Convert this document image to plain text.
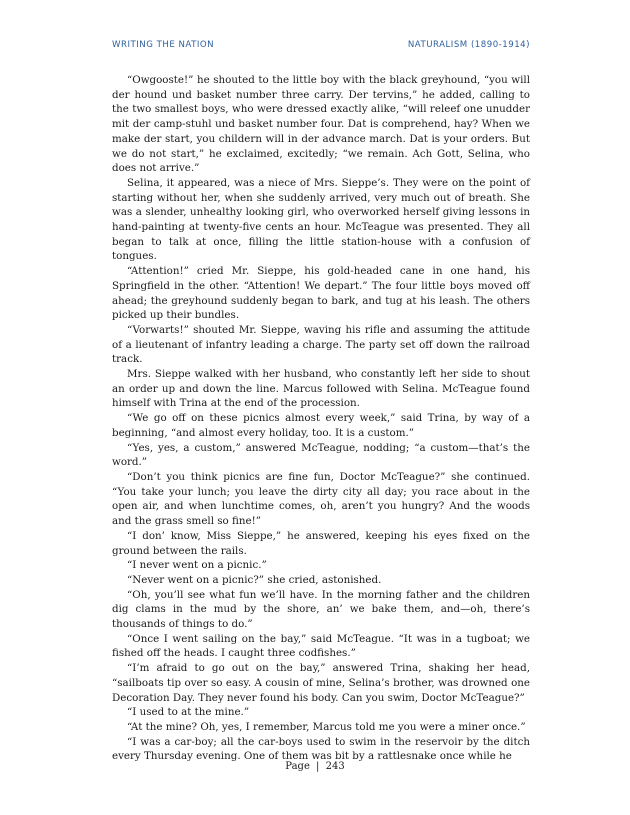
WRITING THE NATION	NATURALISM (1890-1914)

“Owgooste!” he shouted to the little boy with the black greyhound, “you will der hound und basket number three carry. Der tervins,” he added, calling to the two smallest boys, who were dressed exactly alike, “will releef one unudder mit der camp-stuhl und basket number four. Dat is comprehend, hay? When we make der start, you childern will in der advance march. Dat is your orders. But we do not start,” he exclaimed, excitedly; “we remain. Ach Gott, Selina, who does not arrive.”

Selina, it appeared, was a niece of Mrs. Sieppe’s. They were on the point of starting without her, when she suddenly arrived, very much out of breath. She was a slender, unhealthy looking girl, who overworked herself giving lessons in hand-painting at twenty-five cents an hour. McTeague was presented. They all began to talk at once, filling the little station-house with a confusion of tongues.

“Attention!” cried Mr. Sieppe, his gold-headed cane in one hand, his Springfield in the other. “Attention! We depart.” The four little boys moved off ahead; the greyhound suddenly began to bark, and tug at his leash. The others picked up their bundles.

“Vorwarts!” shouted Mr. Sieppe, waving his rifle and assuming the attitude of a lieutenant of infantry leading a charge. The party set off down the railroad track.

Mrs. Sieppe walked with her husband, who constantly left her side to shout an order up and down the line. Marcus followed with Selina. McTeague found himself with Trina at the end of the procession.

“We go off on these picnics almost every week,” said Trina, by way of a beginning, “and almost every holiday, too. It is a custom.”

“Yes, yes, a custom,” answered McTeague, nodding; “a custom—that’s the word.”

“Don’t you think picnics are fine fun, Doctor McTeague?” she continued. “You take your lunch; you leave the dirty city all day; you race about in the open air, and when lunchtime comes, oh, aren’t you hungry? And the woods and the grass smell so fine!”

“I don’ know, Miss Sieppe,” he answered, keeping his eyes fixed on the ground between the rails.

“I never went on a picnic.”

“Never went on a picnic?” she cried, astonished.

“Oh, you’ll see what fun we’ll have. In the morning father and the children dig clams in the mud by the shore, an’ we bake them, and—oh, there’s thousands of things to do.”

“Once I went sailing on the bay,” said McTeague. “It was in a tugboat; we fished off the heads. I caught three codfishes.”

“I’m afraid to go out on the bay,” answered Trina, shaking her head, “sailboats tip over so easy. A cousin of mine, Selina’s brother, was drowned one Decoration Day. They never found his body. Can you swim, Doctor McTeague?”

“I used to at the mine.”

“At the mine? Oh, yes, I remember, Marcus told me you were a miner once.”

“I was a car-boy; all the car-boys used to swim in the reservoir by the ditch every Thursday evening. One of them was bit by a rattlesnake once while he

Page | 243
